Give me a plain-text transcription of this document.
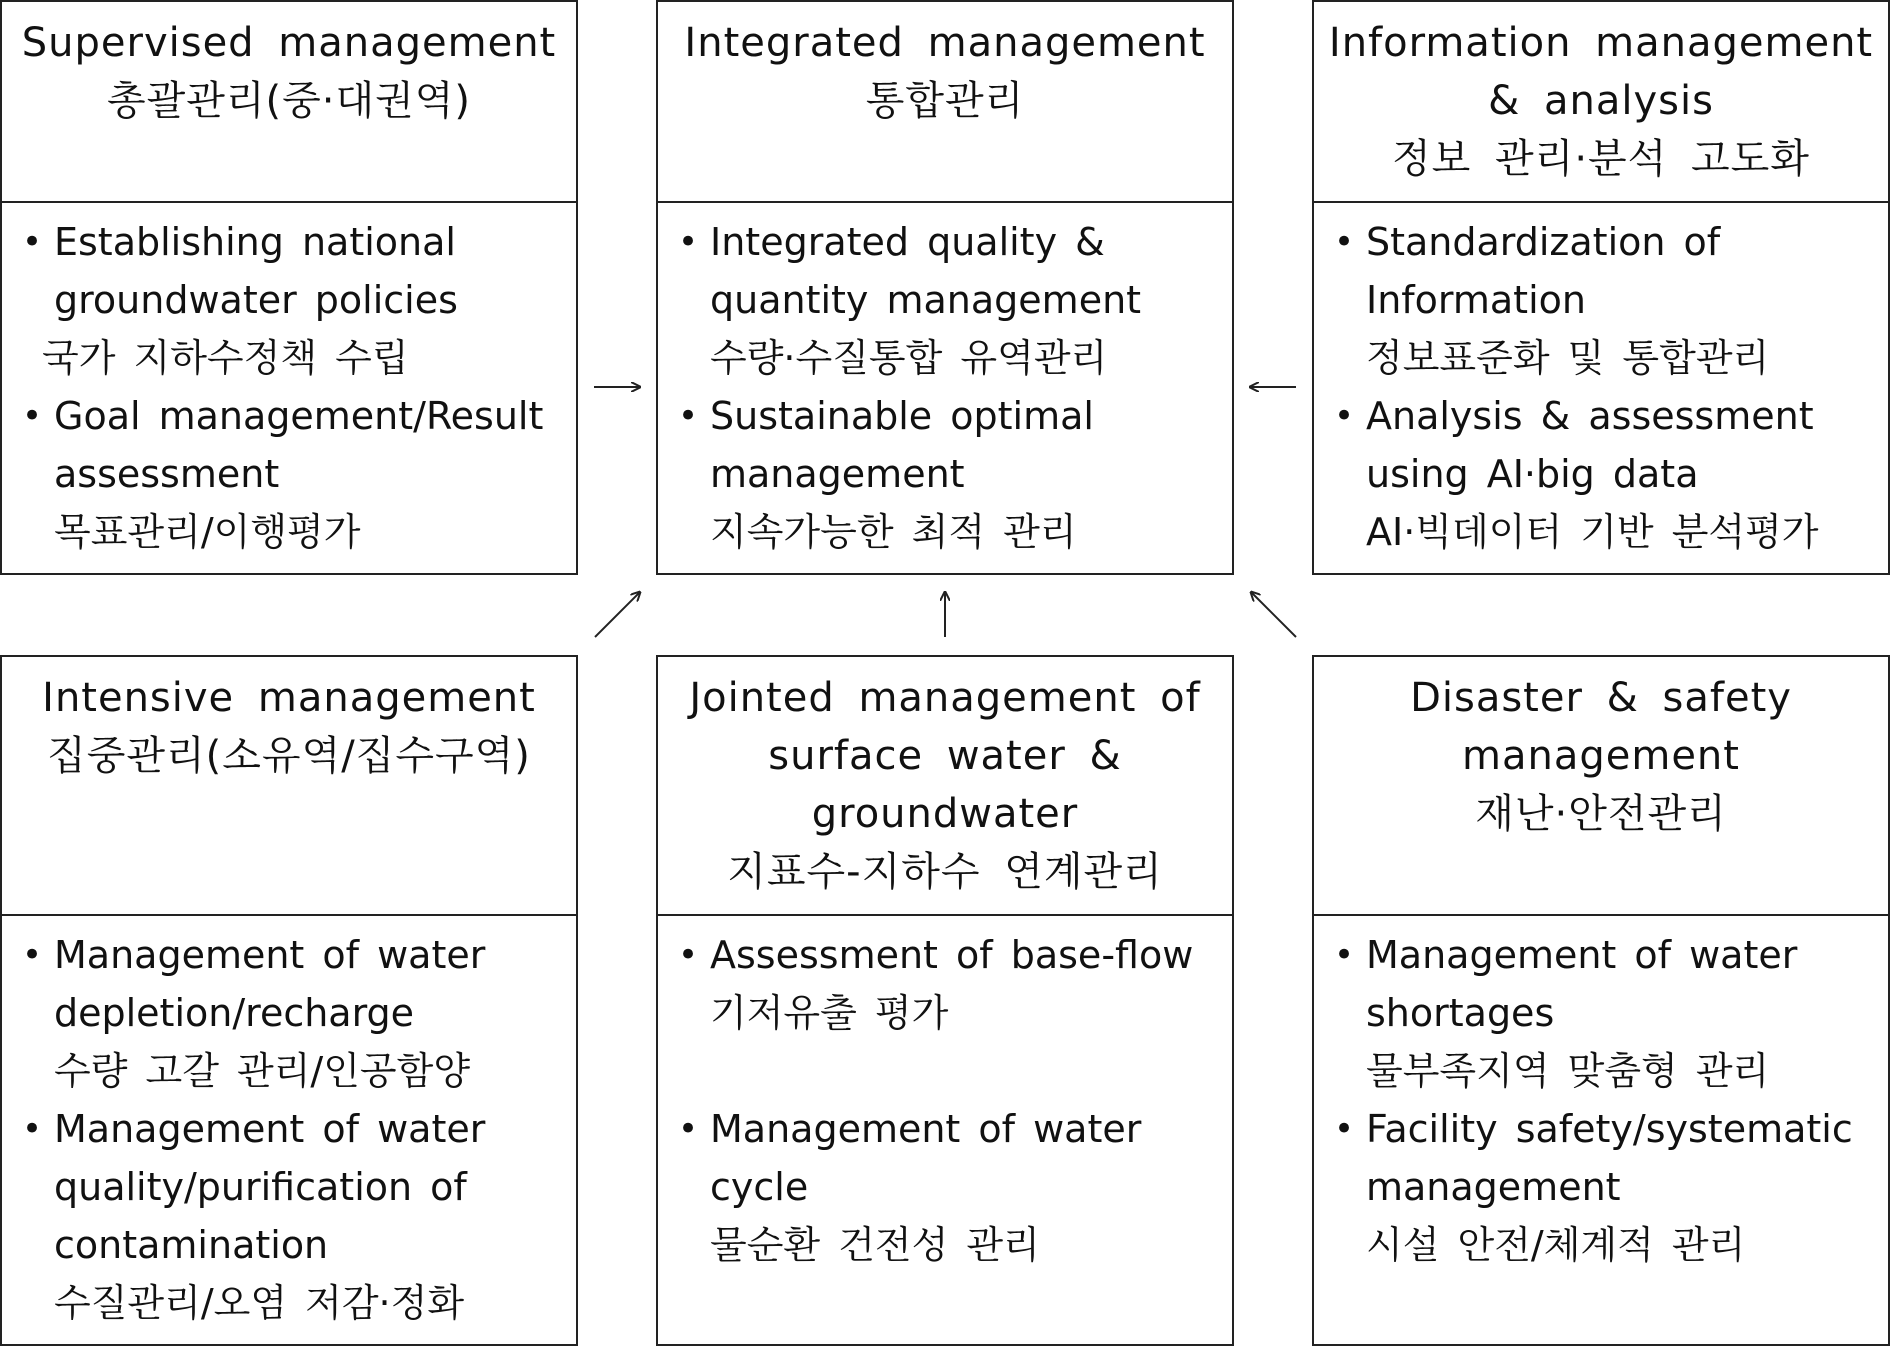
Supervised management
총괄관리(중·대권역)
• Establishing national
groundwater policies
국가 지하수정책 수립
• Goal management/Result
assessment
목표관리/이행평가
Integrated management
통합관리
• Integrated quality &
quantity management
수량·수질통합 유역관리
• Sustainable optimal
management
지속가능한 최적 관리
Information management
& analysis
정보 관리·분석 고도화
• Standardization of
Information
정보표준화 및 통합관리
• Analysis & assessment
using AI·big data
AI·빅데이터 기반 분석평가
Intensive management
집중관리(소유역/집수구역)
• Management of water
depletion/recharge
수량 고갈 관리/인공함양
• Management of water
quality/purification of
contamination
수질관리/오염 저감·정화
Jointed management of
surface water &
groundwater
지표수-지하수 연계관리
• Assessment of base-flow
기저유출 평가
• Management of water
cycle
물순환 건전성 관리
Disaster & safety
management
재난·안전관리
• Management of water
shortages
물부족지역 맞춤형 관리
• Facility safety/systematic
management
시설 안전/체계적 관리
